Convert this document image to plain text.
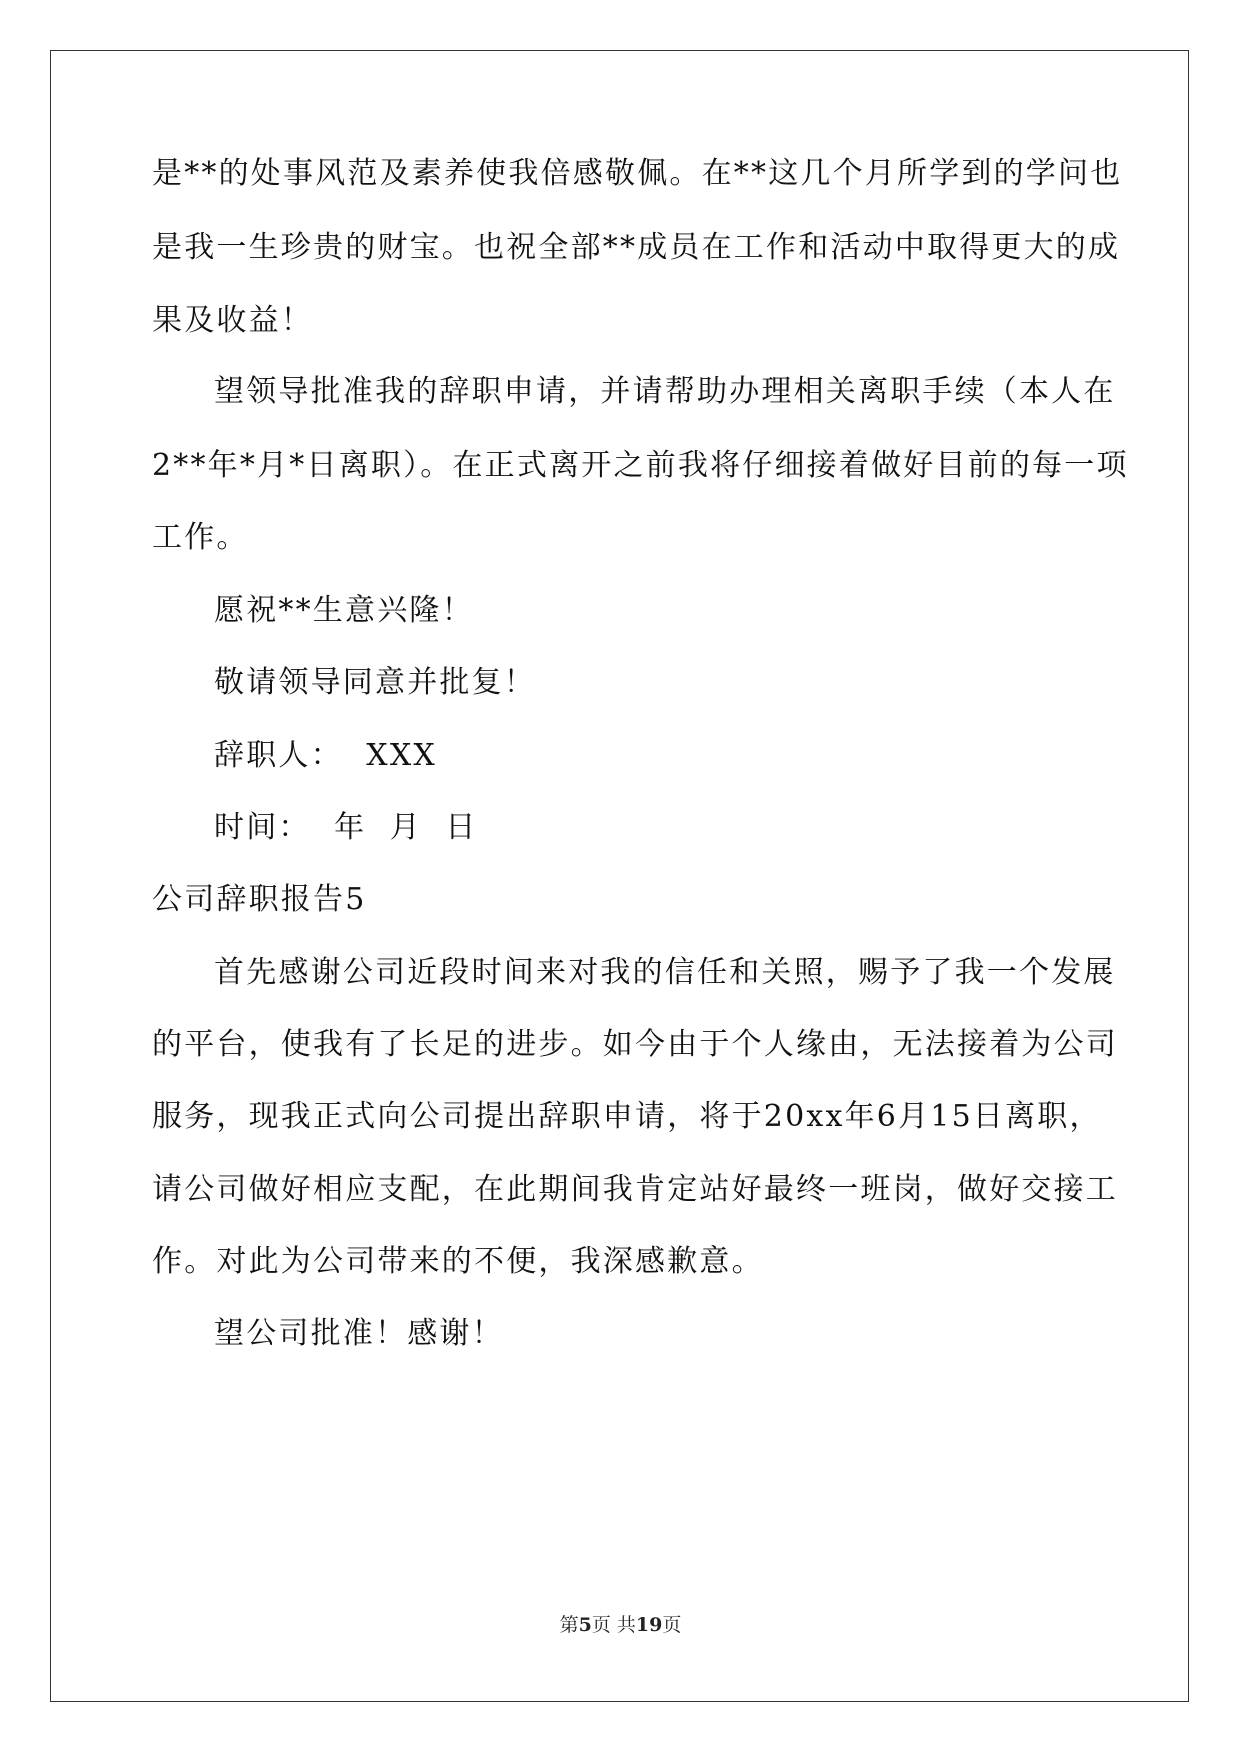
是**的处事风范及素养使我倍感敬佩。在**这几个月所学到的学问也
是我一生珍贵的财宝。也祝全部**成员在工作和活动中取得更大的成
果及收益！
望领导批准我的辞职申请，并请帮助办理相关离职手续（本人在
2**年*月*日离职）。在正式离开之前我将仔细接着做好目前的每一项
工作。
愿祝**生意兴隆！
敬请领导同意并批复！
辞职人：  XXX
时间：  年  月  日
公司辞职报告5
首先感谢公司近段时间来对我的信任和关照，赐予了我一个发展
的平台，使我有了长足的进步。如今由于个人缘由，无法接着为公司
服务，现我正式向公司提出辞职申请，将于20xx年6月15日离职，
请公司做好相应支配，在此期间我肯定站好最终一班岗，做好交接工
作。对此为公司带来的不便，我深感歉意。
望公司批准！感谢！
第5页 共19页
